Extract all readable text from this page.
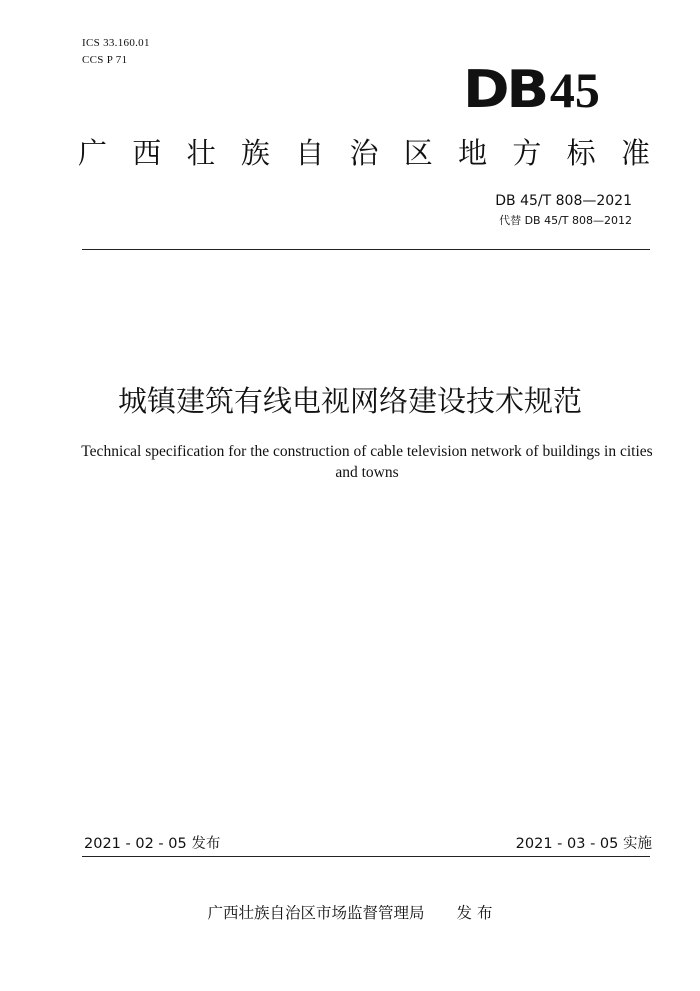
ICS 33.160.01
CCS P 71	DB 45
广 西 壮 族 自 治 区 地 方 标 准
DB 45/T 808—2021
代替 DB 45/T 808—2012
城镇建筑有线电视网络建设技术规范
Technical specification for the construction of cable television network of buildings in cities and towns
2021 - 02 - 05 发布	2021 - 03 - 05 实施
广西壮族自治区市场监督管理局 发 布
